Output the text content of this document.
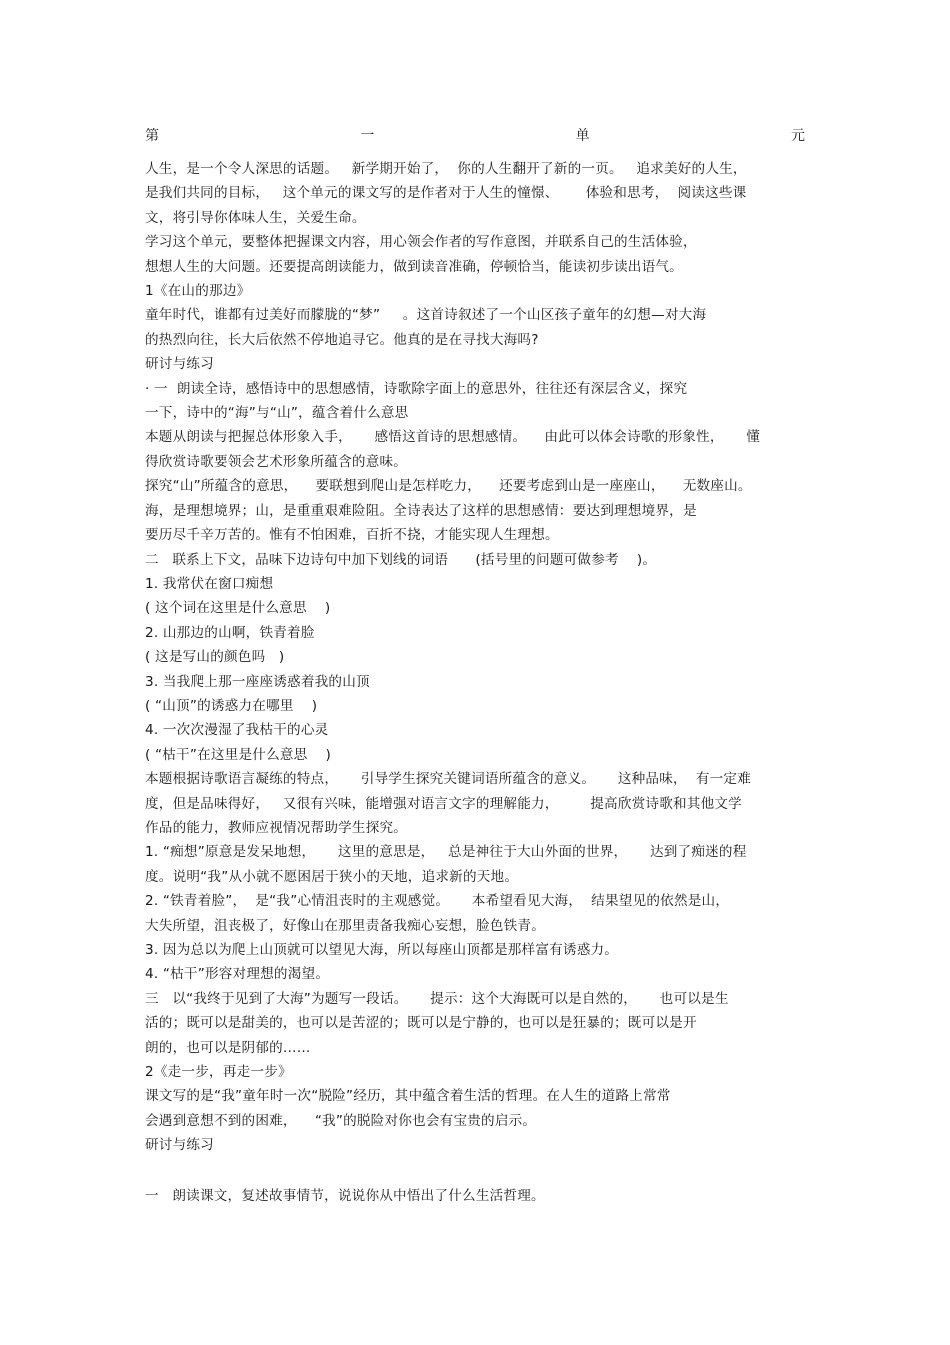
第	一	单	元

人生，是一个令人深思的话题。   新学期开始了，  你的人生翻开了新的一页。   追求美好的人生，

是我们共同的目标，   这个单元的课文写的是作者对于人生的憧憬、      体验和思考，  阅读这些课

文，将引导你体味人生，关爱生命。

学习这个单元，要整体把握课文内容，用心领会作者的写作意图，并联系自己的生活体验，

想想人生的大问题。还要提高朗读能力，做到读音准确，停顿恰当，能读初步读出语气。

1《在山的那边》

童年时代，谁都有过美好而朦胧的“梦”     。这首诗叙述了一个山区孩子童年的幻想—对大海

的热烈向往，长大后依然不停地追寻它。他真的是在寻找大海吗?

研讨与练习

· 一  朗读全诗，感悟诗中的思想感情，诗歌除字面上的意思外，往往还有深层含义，探究

一下，诗中的“海”与“山”，蕴含着什么意思

本题从朗读与把握总体形象入手，     感悟这首诗的思想感情。    由此可以体会诗歌的形象性，     懂

得欣赏诗歌要领会艺术形象所蕴含的意味。

探究“山”所蕴含的意思，    要联想到爬山是怎样吃力，    还要考虑到山是一座座山，    无数座山。

海，是理想境界；山，是重重艰难险阻。全诗表达了这样的思想感情：要达到理想境界，是

要历尽千辛万苦的。惟有不怕困难，百折不挠，才能实现人生理想。

二   联系上下文，品味下边诗句中加下划线的词语      (括号里的问题可做参考    )。

1. 我常伏在窗口痴想

( 这个词在这里是什么意思    )

2. 山那边的山啊，铁青着脸

( 这是写山的颜色吗   )

3. 当我爬上那一座座诱惑着我的山顶

( “山顶”的诱惑力在哪里    )

4. 一次次漫湿了我枯干的心灵

( “枯干”在这里是什么意思    )

本题根据诗歌语言凝练的特点，     引导学生探究关键词语所蕴含的意义。     这种品味，  有一定难

度，但是品味得好，   又很有兴味，能增强对语言文字的理解能力，       提高欣赏诗歌和其他文学

作品的能力，教师应视情况帮助学生探究。

1. “痴想”原意是发呆地想，     这里的意思是，   总是神往于大山外面的世界，     达到了痴迷的程

度。说明“我”从小就不愿困居于狭小的天地，追求新的天地。

2. “铁青着脸”，  是“我”心情沮丧时的主观感觉。     本希望看见大海，  结果望见的依然是山，

大失所望，沮丧极了，好像山在那里责备我痴心妄想，脸色铁青。

3. 因为总以为爬上山顶就可以望见大海，所以每座山顶都是那样富有诱惑力。

4. “枯干”形容对理想的渴望。

三   以“我终于见到了大海”为题写一段话。     提示：这个大海既可以是自然的，     也可以是生

活的；既可以是甜美的，也可以是苦涩的；既可以是宁静的，也可以是狂暴的；既可以是开

朗的，也可以是阴郁的……

2《走一步，再走一步》

课文写的是“我”童年时一次“脱险”经历，其中蕴含着生活的哲理。在人生的道路上常常

会遇到意想不到的困难，    “我”的脱险对你也会有宝贵的启示。

研讨与练习

一   朗读课文，复述故事情节，说说你从中悟出了什么生活哲理。
